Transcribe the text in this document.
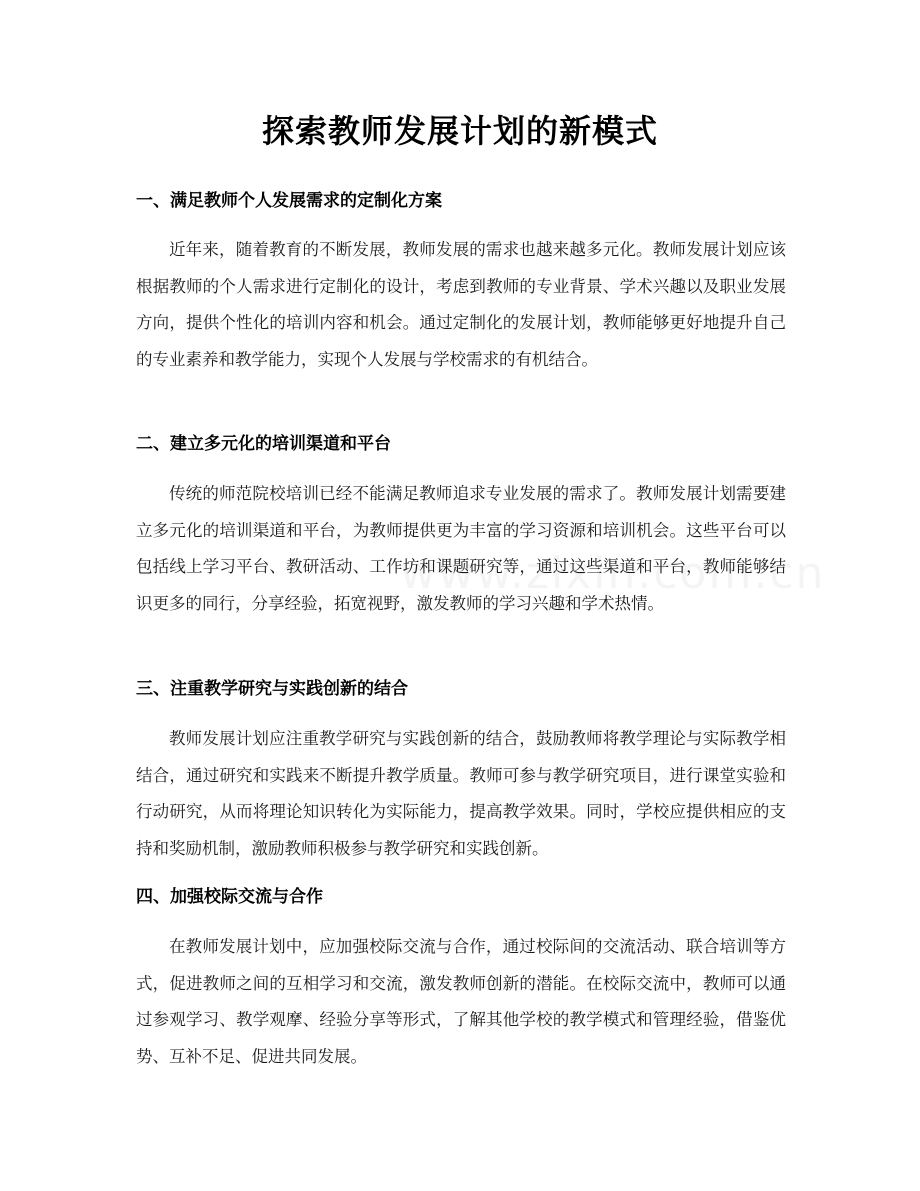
探索教师发展计划的新模式
一、满足教师个人发展需求的定制化方案
近年来，随着教育的不断发展，教师发展的需求也越来越多元化。教师发展计划应该根据教师的个人需求进行定制化的设计，考虑到教师的专业背景、学术兴趣以及职业发展方向，提供个性化的培训内容和机会。通过定制化的发展计划，教师能够更好地提升自己的专业素养和教学能力，实现个人发展与学校需求的有机结合。
二、建立多元化的培训渠道和平台
传统的师范院校培训已经不能满足教师追求专业发展的需求了。教师发展计划需要建立多元化的培训渠道和平台，为教师提供更为丰富的学习资源和培训机会。这些平台可以包括线上学习平台、教研活动、工作坊和课题研究等，通过这些渠道和平台，教师能够结识更多的同行，分享经验，拓宽视野，激发教师的学习兴趣和学术热情。
三、注重教学研究与实践创新的结合
教师发展计划应注重教学研究与实践创新的结合，鼓励教师将教学理论与实际教学相结合，通过研究和实践来不断提升教学质量。教师可参与教学研究项目，进行课堂实验和行动研究，从而将理论知识转化为实际能力，提高教学效果。同时，学校应提供相应的支持和奖励机制，激励教师积极参与教学研究和实践创新。
四、加强校际交流与合作
在教师发展计划中，应加强校际交流与合作，通过校际间的交流活动、联合培训等方式，促进教师之间的互相学习和交流，激发教师创新的潜能。在校际交流中，教师可以通过参观学习、教学观摩、经验分享等形式，了解其他学校的教学模式和管理经验，借鉴优势、互补不足、促进共同发展。
